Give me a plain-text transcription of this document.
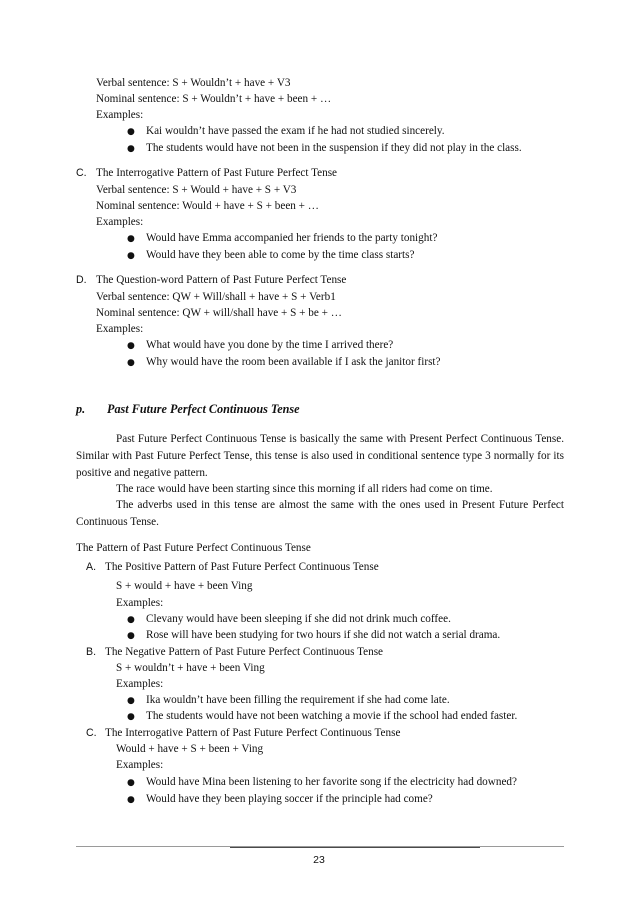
Verbal sentence: S + Wouldn’t + have + V3
Nominal sentence: S + Wouldn’t + have + been + …
Examples:
● Kai wouldn’t have passed the exam if he had not studied sincerely.
● The students would have not been in the suspension if they did not play in the class.
C. The Interrogative Pattern of Past Future Perfect Tense
Verbal sentence: S + Would + have + S + V3
Nominal sentence: Would + have + S + been + …
Examples:
● Would have Emma accompanied her friends to the party tonight?
● Would have they been able to come by the time class starts?
D. The Question-word Pattern of Past Future Perfect Tense
Verbal sentence: QW + Will/shall + have + S + Verb1
Nominal sentence: QW + will/shall have + S + be + …
Examples:
● What would have you done by the time I arrived there?
● Why would have the room been available if I ask the janitor first?
p. Past Future Perfect Continuous Tense
Past Future Perfect Continuous Tense is basically the same with Present Perfect Continuous Tense. Similar with Past Future Perfect Tense, this tense is also used in conditional sentence type 3 normally for its positive and negative pattern.
The race would have been starting since this morning if all riders had come on time.
The adverbs used in this tense are almost the same with the ones used in Present Future Perfect Continuous Tense.
The Pattern of Past Future Perfect Continuous Tense
A. The Positive Pattern of Past Future Perfect Continuous Tense
S + would + have + been Ving
Examples:
● Clevany would have been sleeping if she did not drink much coffee.
● Rose will have been studying for two hours if she did not watch a serial drama.
B. The Negative Pattern of Past Future Perfect Continuous Tense
S + wouldn’t + have + been Ving
Examples:
● Ika wouldn’t have been filling the requirement if she had come late.
● The students would have not been watching a movie if the school had ended faster.
C. The Interrogative Pattern of Past Future Perfect Continuous Tense
Would + have + S + been + Ving
Examples:
● Would have Mina been listening to her favorite song if the electricity had downed?
● Would have they been playing soccer if the principle had come?
23
